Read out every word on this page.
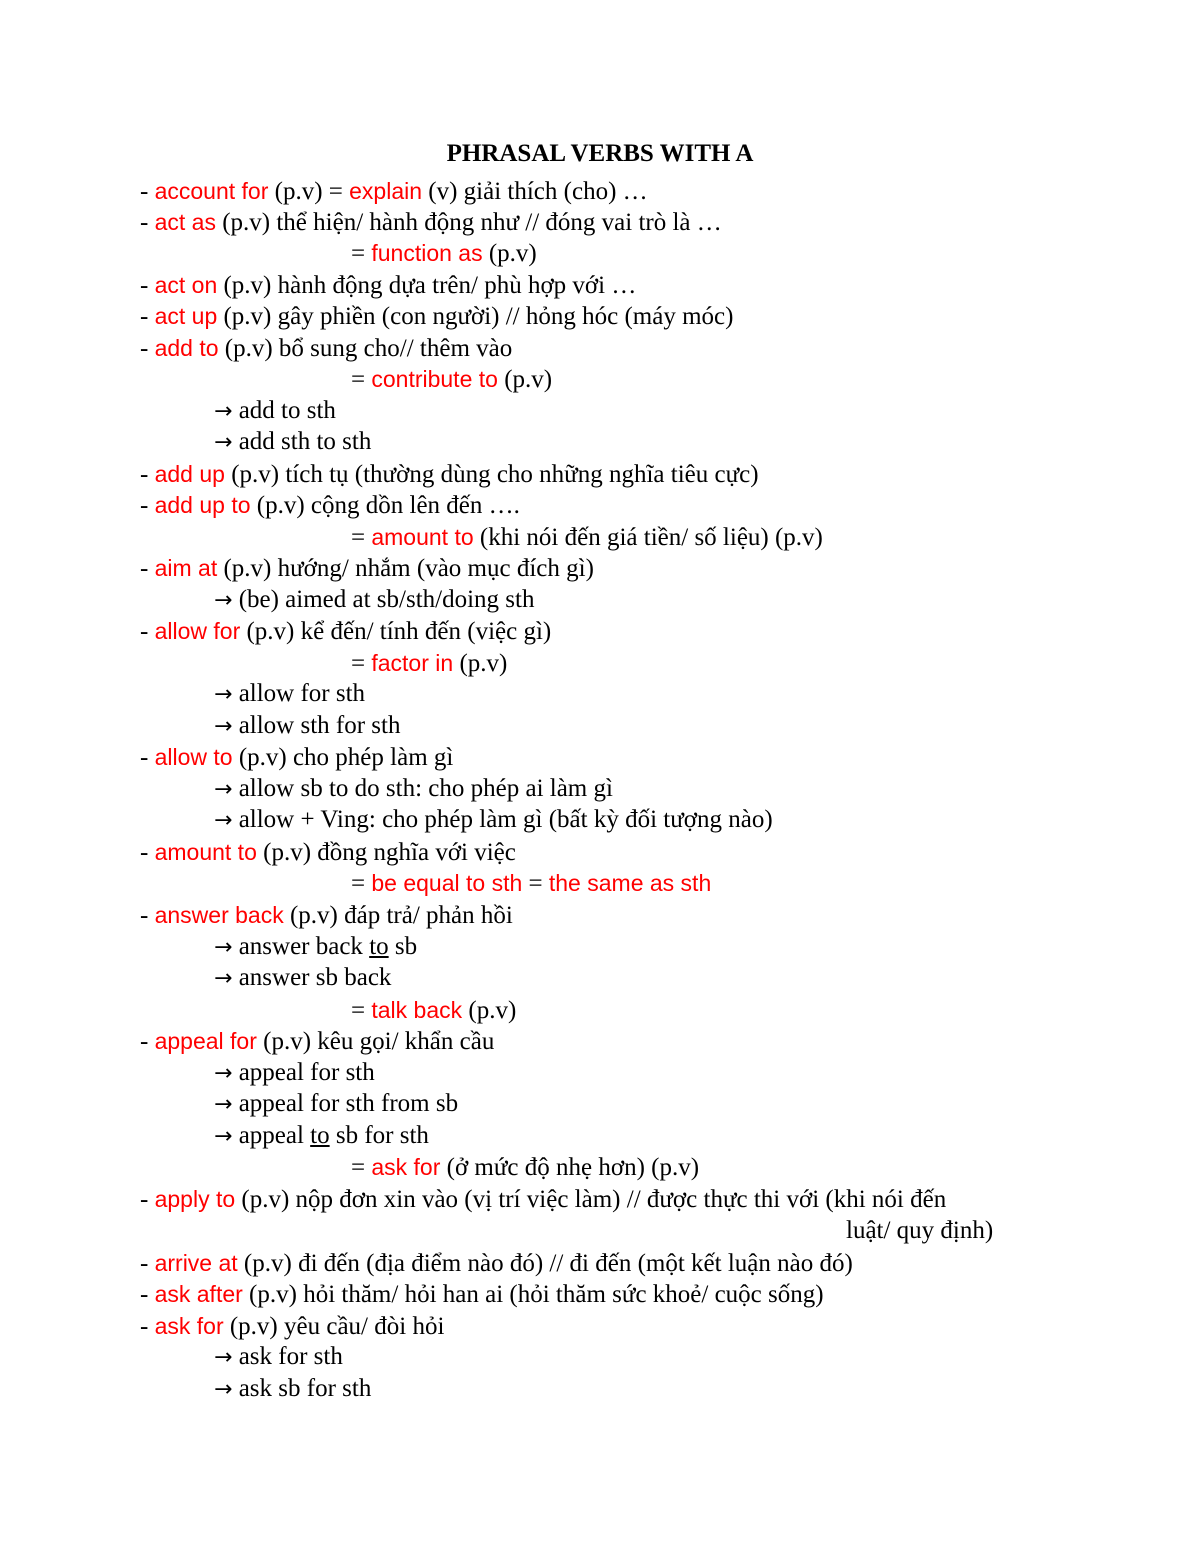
PHRASAL VERBS WITH A
- account for (p.v) = explain (v) giải thích (cho) …
- act as (p.v) thể hiện/ hành động như // đóng vai trò là …
= function as (p.v)
- act on (p.v) hành động dựa trên/ phù hợp với …
- act up (p.v) gây phiền (con người) // hỏng hóc (máy móc)
- add to (p.v) bổ sung cho// thêm vào
= contribute to (p.v)
→ add to sth
→ add sth to sth
- add up (p.v) tích tụ (thường dùng cho những nghĩa tiêu cực)
- add up to (p.v) cộng dồn lên đến ….
= amount to (khi nói đến giá tiền/ số liệu) (p.v)
- aim at (p.v) hướng/ nhắm (vào mục đích gì)
→ (be) aimed at sb/sth/doing sth
- allow for (p.v) kể đến/ tính đến (việc gì)
= factor in (p.v)
→ allow for sth
→ allow sth for sth
- allow to (p.v) cho phép làm gì
→ allow sb to do sth: cho phép ai làm gì
→ allow + Ving: cho phép làm gì (bất kỳ đối tượng nào)
- amount to (p.v) đồng nghĩa với việc
= be equal to sth = the same as sth
- answer back (p.v) đáp trả/ phản hồi
→ answer back to sb
→ answer sb back
= talk back (p.v)
- appeal for (p.v) kêu gọi/ khẩn cầu
→ appeal for sth
→ appeal for sth from sb
→ appeal to sb for sth
= ask for (ở mức độ nhẹ hơn) (p.v)
- apply to (p.v) nộp đơn xin vào (vị trí việc làm) // được thực thi với (khi nói đến
luật/ quy định)
- arrive at (p.v) đi đến (địa điểm nào đó) // đi đến (một kết luận nào đó)
- ask after (p.v) hỏi thăm/ hỏi han ai (hỏi thăm sức khoẻ/ cuộc sống)
- ask for (p.v) yêu cầu/ đòi hỏi
→ ask for sth
→ ask sb for sth
